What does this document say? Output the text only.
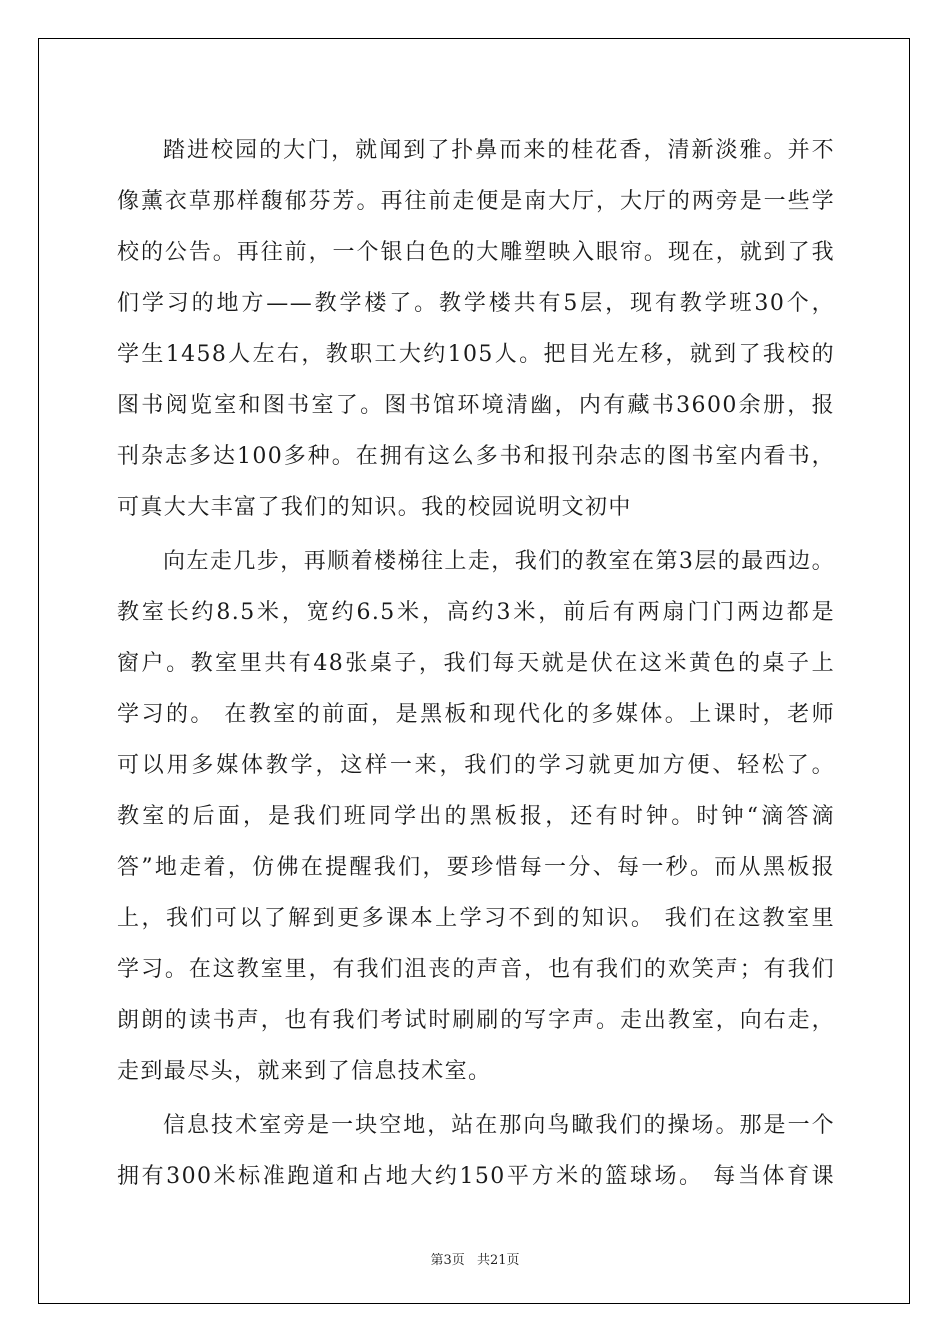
踏进校园的大门，就闻到了扑鼻而来的桂花香，清新淡雅。并不
像薰衣草那样馥郁芬芳。再往前走便是南大厅，大厅的两旁是一些学
校的公告。再往前，一个银白色的大雕塑映入眼帘。现在，就到了我
们学习的地方——教学楼了。教学楼共有5层，现有教学班30个，
学生1458人左右，教职工大约105人。把目光左移，就到了我校的
图书阅览室和图书室了。图书馆环境清幽，内有藏书3600余册，报
刊杂志多达100多种。在拥有这么多书和报刊杂志的图书室内看书，
可真大大丰富了我们的知识。我的校园说明文初中
向左走几步，再顺着楼梯往上走，我们的教室在第3层的最西边。
教室长约8.5米，宽约6.5米，高约3米，前后有两扇门门两边都是
窗户。教室里共有48张桌子，我们每天就是伏在这米黄色的桌子上
学习的。 在教室的前面，是黑板和现代化的多媒体。上课时，老师
可以用多媒体教学，这样一来，我们的学习就更加方便、轻松了。
教室的后面，是我们班同学出的黑板报，还有时钟。时钟“滴答滴
答”地走着，仿佛在提醒我们，要珍惜每一分、每一秒。而从黑板报
上，我们可以了解到更多课本上学习不到的知识。 我们在这教室里
学习。在这教室里，有我们沮丧的声音，也有我们的欢笑声；有我们
朗朗的读书声，也有我们考试时刷刷的写字声。走出教室，向右走，
走到最尽头，就来到了信息技术室。
信息技术室旁是一块空地，站在那向鸟瞰我们的操场。那是一个
拥有300米标准跑道和占地大约150平方米的篮球场。 每当体育课
第3页 共21页
